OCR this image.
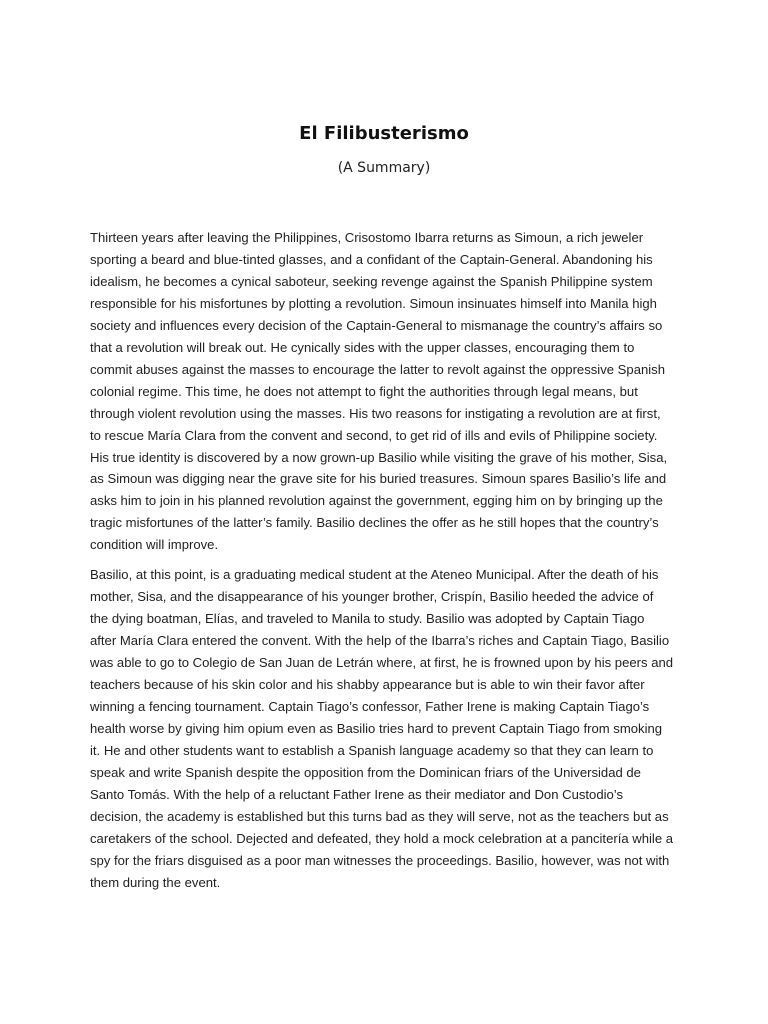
El Filibusterismo

(A Summary)

Thirteen years after leaving the Philippines, Crisostomo Ibarra returns as Simoun, a rich jeweler
sporting a beard and blue-tinted glasses, and a confidant of the Captain-General. Abandoning his
idealism, he becomes a cynical saboteur, seeking revenge against the Spanish Philippine system
responsible for his misfortunes by plotting a revolution. Simoun insinuates himself into Manila high
society and influences every decision of the Captain-General to mismanage the country’s affairs so
that a revolution will break out. He cynically sides with the upper classes, encouraging them to
commit abuses against the masses to encourage the latter to revolt against the oppressive Spanish
colonial regime. This time, he does not attempt to fight the authorities through legal means, but
through violent revolution using the masses. His two reasons for instigating a revolution are at first,
to rescue María Clara from the convent and second, to get rid of ills and evils of Philippine society.
His true identity is discovered by a now grown-up Basilio while visiting the grave of his mother, Sisa,
as Simoun was digging near the grave site for his buried treasures. Simoun spares Basilio’s life and
asks him to join in his planned revolution against the government, egging him on by bringing up the
tragic misfortunes of the latter’s family. Basilio declines the offer as he still hopes that the country’s
condition will improve.

Basilio, at this point, is a graduating medical student at the Ateneo Municipal. After the death of his
mother, Sisa, and the disappearance of his younger brother, Crispín, Basilio heeded the advice of
the dying boatman, Elías, and traveled to Manila to study. Basilio was adopted by Captain Tiago
after María Clara entered the convent. With the help of the Ibarra’s riches and Captain Tiago, Basilio
was able to go to Colegio de San Juan de Letrán where, at first, he is frowned upon by his peers and
teachers because of his skin color and his shabby appearance but is able to win their favor after
winning a fencing tournament. Captain Tiago’s confessor, Father Irene is making Captain Tiago’s
health worse by giving him opium even as Basilio tries hard to prevent Captain Tiago from smoking
it. He and other students want to establish a Spanish language academy so that they can learn to
speak and write Spanish despite the opposition from the Dominican friars of the Universidad de
Santo Tomás. With the help of a reluctant Father Irene as their mediator and Don Custodio’s
decision, the academy is established but this turns bad as they will serve, not as the teachers but as
caretakers of the school. Dejected and defeated, they hold a mock celebration at a pancitería while a
spy for the friars disguised as a poor man witnesses the proceedings. Basilio, however, was not with
them during the event.
